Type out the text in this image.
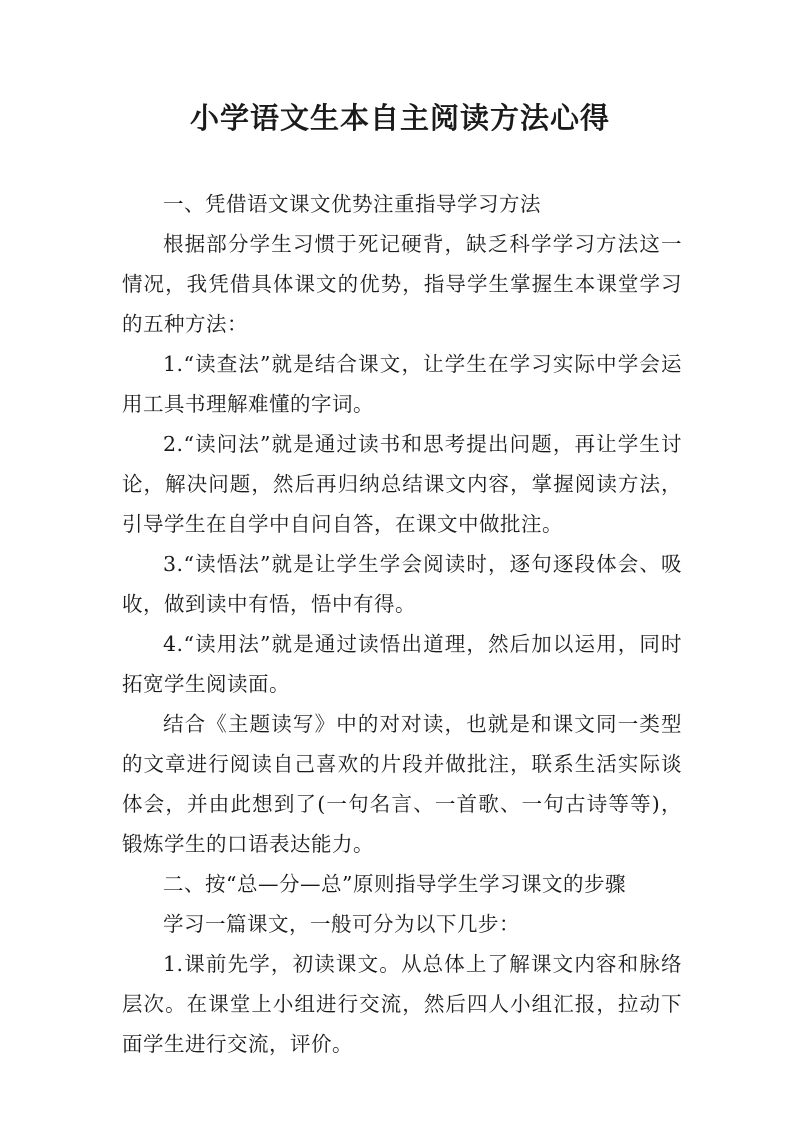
小学语文生本自主阅读方法心得

一、凭借语文课文优势注重指导学习方法

根据部分学生习惯于死记硬背，缺乏科学学习方法这一情况，我凭借具体课文的优势，指导学生掌握生本课堂学习的五种方法：

1.“读查法”就是结合课文，让学生在学习实际中学会运用工具书理解难懂的字词。

2.“读问法”就是通过读书和思考提出问题，再让学生讨论，解决问题，然后再归纳总结课文内容，掌握阅读方法，引导学生在自学中自问自答，在课文中做批注。

3.“读悟法”就是让学生学会阅读时，逐句逐段体会、吸收，做到读中有悟，悟中有得。

4.“读用法”就是通过读悟出道理，然后加以运用，同时拓宽学生阅读面。

结合《主题读写》中的对对读，也就是和课文同一类型的文章进行阅读自己喜欢的片段并做批注，联系生活实际谈体会，并由此想到了(一句名言、一首歌、一句古诗等等)，锻炼学生的口语表达能力。

二、按“总—分—总”原则指导学生学习课文的步骤

学习一篇课文，一般可分为以下几步：

1.课前先学，初读课文。从总体上了解课文内容和脉络层次。在课堂上小组进行交流，然后四人小组汇报，拉动下面学生进行交流，评价。
